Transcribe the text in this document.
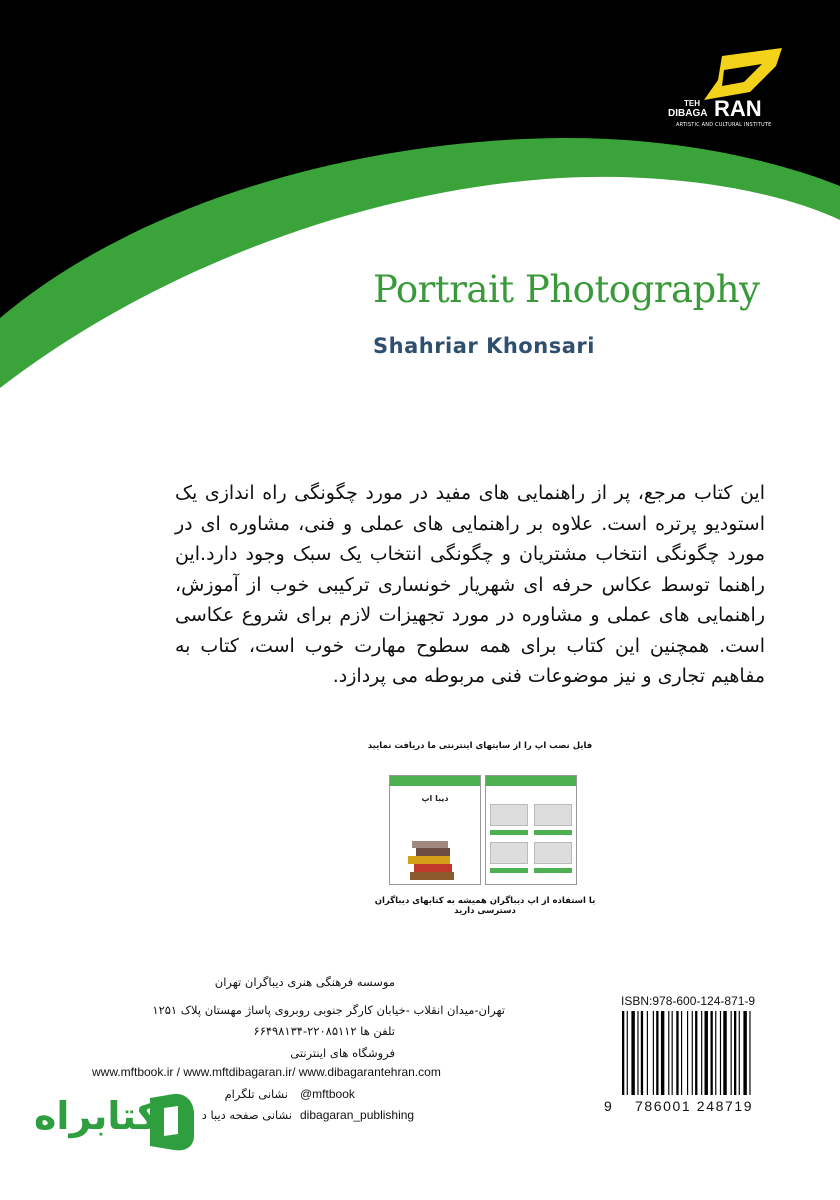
TEH RAN
DIBAGA
ARTISTIC AND CULTURAL INSTITUTE
Portrait Photography
Shahriar Khonsari
این کتاب مرجع، پر از راهنمایی های مفید در مورد چگونگی راه اندازی یک استودیو پرتره است. علاوه بر راهنمایی های عملی و فنی، مشاوره ای در مورد چگونگی انتخاب مشتریان و چگونگی انتخاب یک سبک وجود دارد.این راهنما توسط عکاس حرفه ای شهریار خونساری ترکیبی خوب از آموزش، راهنمایی های عملی و مشاوره در مورد تجهیزات لازم برای شروع عکاسی است. همچنین این کتاب برای همه سطوح مهارت خوب است، کتاب به مفاهیم تجاری و نیز موضوعات فنی مربوطه می پردازد.
فایل نصب اپ را از سایتهای اینترنتی ما دریافت نمایید
دیبا اپ
با استفاده از اپ دیباگران همیشه به کتابهای دیباگران دسترسی دارید
موسسه فرهنگی هنری دیباگران تهران
تهران-میدان انقلاب -خیابان کارگر جنوبی روبروی پاساژ مهستان پلاک ۱۲۵۱
تلفن ها ۲۲۰۸۵۱۱۲-۶۶۴۹۸۱۳۴
فروشگاه های اینترنتی
www.mftbook.ir / www.mftdibagaran.ir/ www.dibagarantehran.com
@mftbook
نشانی تلگرام
dibagaran_publishing
نشانی صفحه دیبا د
ISBN:978-600-124-871-9
9 786001 248719
کتابراه
